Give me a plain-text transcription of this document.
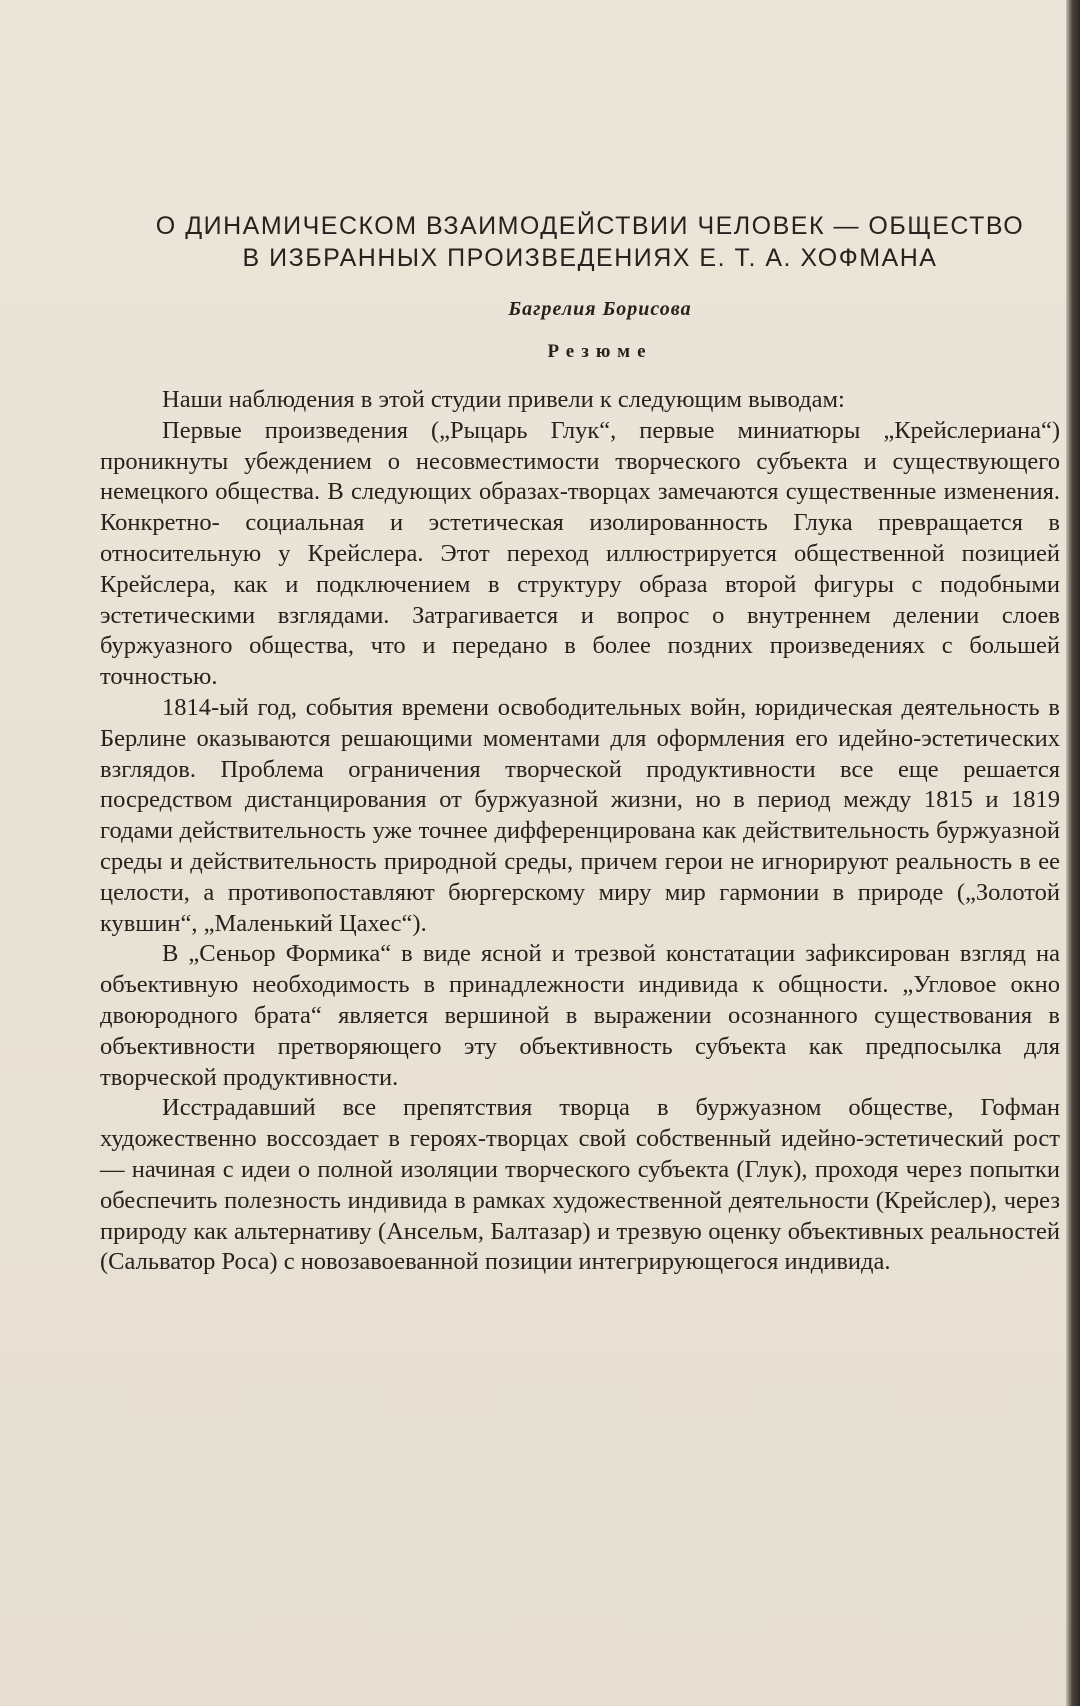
О ДИНАМИЧЕСКОМ ВЗАИМОДЕЙСТВИИ ЧЕЛОВЕК — ОБЩЕСТВО
В ИЗБРАННЫХ ПРОИЗВЕДЕНИЯХ Е. Т. А. ХОФМАНА
Багрелия Борисова
Резюме

Наши наблюдения в этой студии привели к следующим выводам:

Первые произведения („Рыцарь Глук“, первые миниатюры „Крейслериана“) проникнуты убеждением о несовместимости творческого субъекта и существующего немецкого общества. В следующих образах-творцах замечаются существенные изменения. Конкретно- социальная и эстетическая изолированность Глука превращается в относительную у Крейслера. Этот переход иллюстрируется общественной позицией Крейслера, как и подключением в структуру образа второй фигуры с подобными эстетическими взглядами. Затрагивается и вопрос о внутреннем делении слоев буржуазного общества, что и передано в более поздних произведениях с большей точностью.

1814-ый год, события времени освободительных войн, юридическая деятельность в Берлине оказываются решающими моментами для оформления его идейно-эстетических взглядов. Проблема ограничения творческой продуктивности все еще решается посредством дистанцирования от буржуазной жизни, но в период между 1815 и 1819 годами действительность уже точнее дифференцирована как действительность буржуазной среды и действительность природной среды, причем герои не игнорируют реальность в ее целости, а противопоставляют бюргерскому миру мир гармонии в природе („Золотой кувшин“, „Маленький Цахес“).

В „Сеньор Формика“ в виде ясной и трезвой констатации зафиксирован взгляд на объективную необходимость в принадлежности индивида к общности. „Угловое окно двоюродного брата“ является вершиной в выражении осознанного существования в объективности претворяющего эту объективность субъекта как предпосылка для творческой продуктивности.

Исстрадавший все препятствия творца в буржуазном обществе, Гофман художественно воссоздает в героях-творцах свой собственный идейно-эстетический рост — начиная с идеи о полной изоляции творческого субъекта (Глук), проходя через попытки обеспечить полезность индивида в рамках художественной деятельности (Крейслер), через природу как альтернативу (Ансельм, Балтазар) и трезвую оценку объективных реальностей (Сальватор Роса) с новозавоеванной позиции интегрирующегося индивида.
